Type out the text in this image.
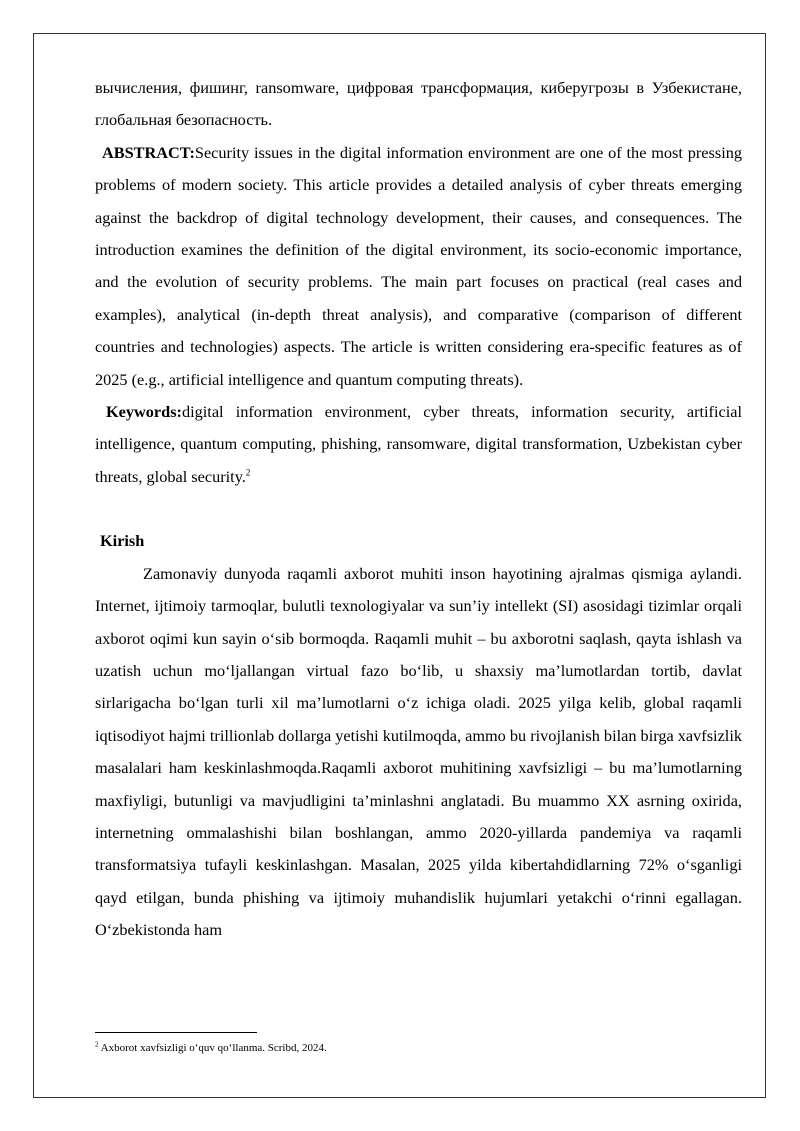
вычисления, фишинг, ransomware, цифровая трансформация, киберугрозы в Узбекистане, глобальная безопасность.

ABSTRACT:Security issues in the digital information environment are one of the most pressing problems of modern society. This article provides a detailed analysis of cyber threats emerging against the backdrop of digital technology development, their causes, and consequences. The introduction examines the definition of the digital environment, its socio-economic importance, and the evolution of security problems. The main part focuses on practical (real cases and examples), analytical (in-depth threat analysis), and comparative (comparison of different countries and technologies) aspects. The article is written considering era-specific features as of 2025 (e.g., artificial intelligence and quantum computing threats).

Keywords:digital information environment, cyber threats, information security, artificial intelligence, quantum computing, phishing, ransomware, digital transformation, Uzbekistan cyber threats, global security.$^2$

Kirish

Zamonaviy dunyoda raqamli axborot muhiti inson hayotining ajralmas qismiga aylandi. Internet, ijtimoiy tarmoqlar, bulutli texnologiyalar va sun’iy intellekt (SI) asosidagi tizimlar orqali axborot oqimi kun sayin o‘sib bormoqda. Raqamli muhit – bu axborotni saqlash, qayta ishlash va uzatish uchun mo‘ljallangan virtual fazo bo‘lib, u shaxsiy ma’lumotlardan tortib, davlat sirlarigacha bo‘lgan turli xil ma’lumotlarni o‘z ichiga oladi. 2025 yilga kelib, global raqamli iqtisodiyot hajmi trillionlab dollarga yetishi kutilmoqda, ammo bu rivojlanish bilan birga xavfsizlik masalalari ham keskinlashmoqda.Raqamli axborot muhitining xavfsizligi – bu ma’lumotlarning maxfiyligi, butunligi va mavjudligini ta’minlashni anglatadi. Bu muammo XX asrning oxirida, internetning ommalashishi bilan boshlangan, ammo 2020-yillarda pandemiya va raqamli transformatsiya tufayli keskinlashgan. Masalan, 2025 yilda kibertahdidlarning 72% o‘sganligi qayd etilgan, bunda phishing va ijtimoiy muhandislik hujumlari yetakchi o‘rinni egallagan. O‘zbekistonda ham

$^2$ Axborot xavfsizligi o‘quv qo‘llanma. Scribd, 2024.
